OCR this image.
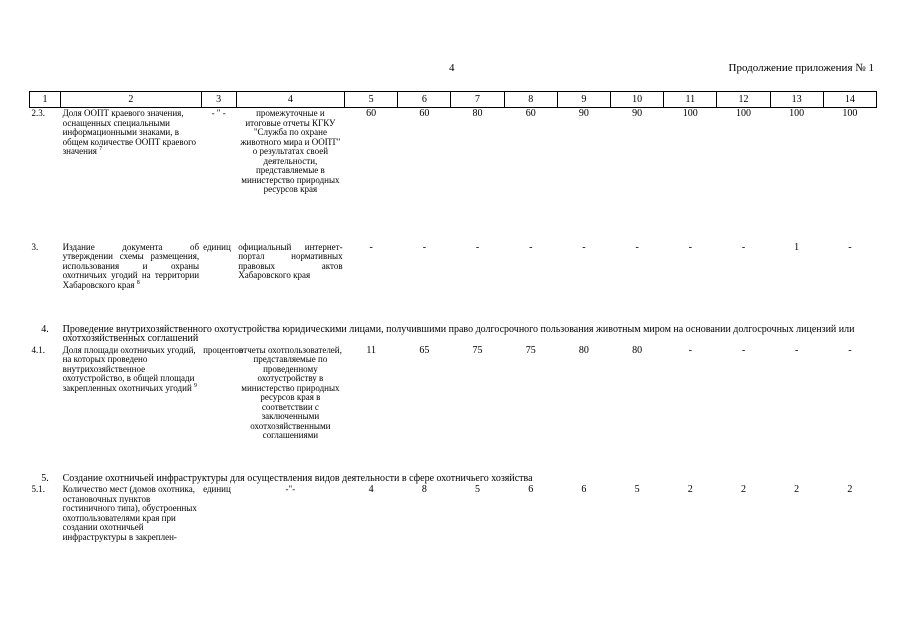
4	Продолжение приложения № 1
1	2	3	4	5	6	7	8	9	10	11	12	13	14
2.3.	Доля ООПТ краевого значения, оснащенных специальными информационными знаками, в общем количестве ООПТ краевого значения $^7$	- " -	промежуточные и итоговые отчеты КГКУ "Служба по охране животного мира и ООПТ" о результатах своей деятельности, представляемые в министерство природных ресурсов края	60	60	80	60	90	90	100	100	100	100
3.	Издание документа об утверждении схемы размещения, использования и охраны охотничьих угодий на территории Хабаровского края $^8$	единиц	официальный интернет-портал нормативных правовых актов Хабаровского края	-	-	-	-	-	-	-	-	1	-
4.	Проведение внутрихозяйственного охотустройства юридическими лицами, получившими право долгосрочного пользования животным миром на основании долгосрочных лицензий или охотхозяйственных соглашений												
4.1.	Доля площади охотничьих угодий, на которых проведено внутрихозяйственное охотустройство, в общей площади закрепленных охотничьих угодий $^9$	процентов	отчеты охотпользователей, представляемые по проведенному охотустройству в министерство природных ресурсов края в соответствии с заключенными охотхозяйственными соглашениями	11	65	75	75	80	80	-	-	-	-
5.	Создание охотничьей инфраструктуры для осуществления видов деятельности в сфере охотничьего хозяйства												
5.1.	Количество мест (домов охотника, остановочных пунктов гостиничного типа), обустроенных охотпользователями края при создании охотничьей инфраструктуры в закреплен-	единиц	-"-	4	8	5	6	6	5	2	2	2	2
